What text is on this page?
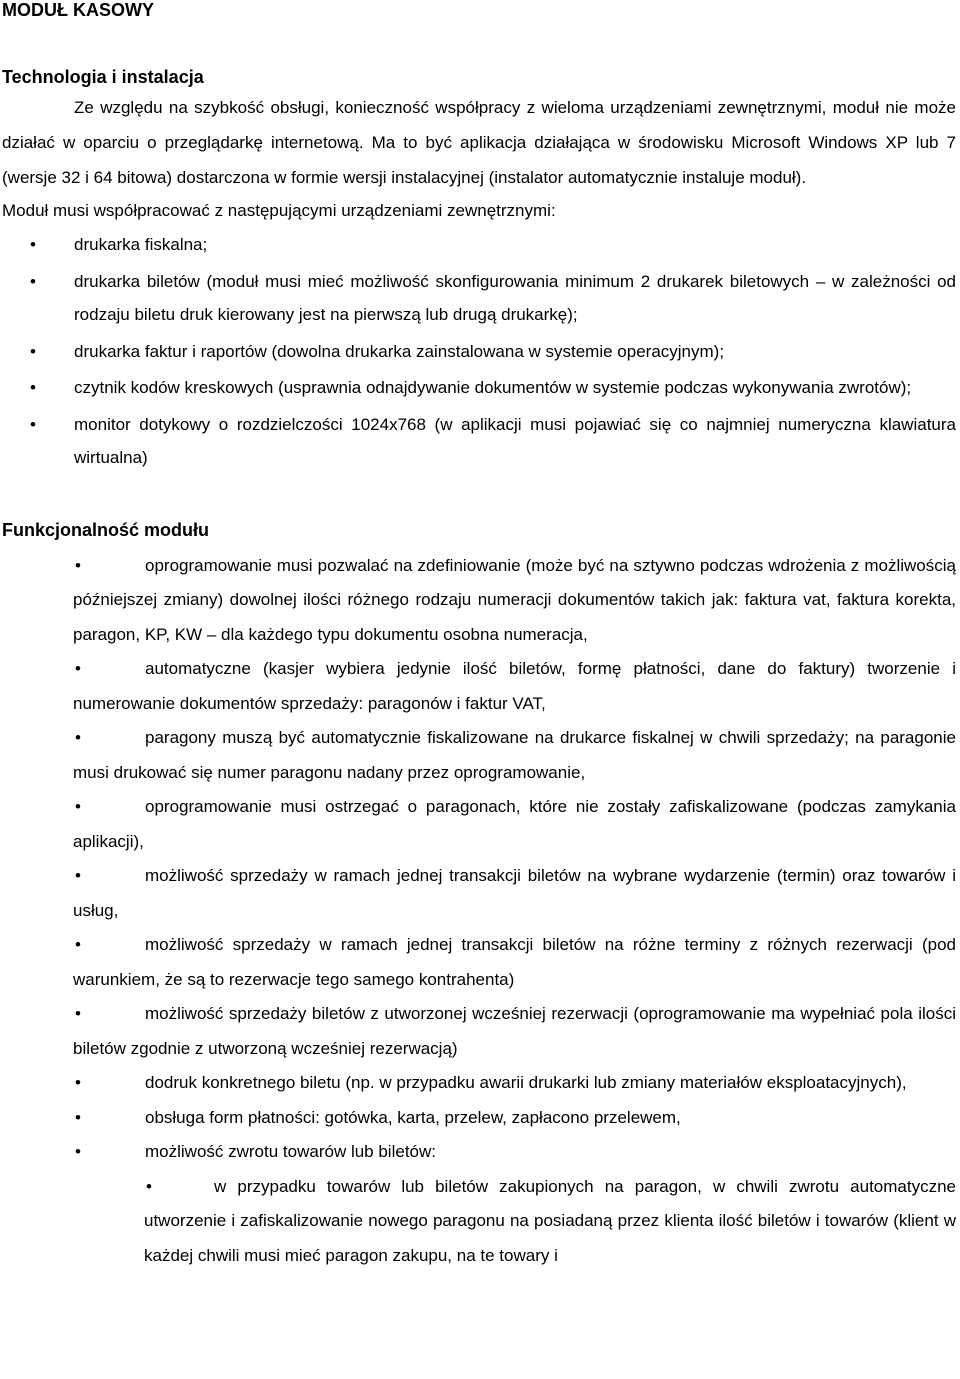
MODUŁ KASOWY
Technologia i instalacja

Ze względu na szybkość obsługi, konieczność współpracy z wieloma urządzeniami zewnętrznymi, moduł nie może działać w oparciu o przeglądarkę internetową. Ma to być aplikacja działająca w środowisku Microsoft Windows XP lub 7 (wersje 32 i 64 bitowa) dostarczona w formie wersji instalacyjnej (instalator automatycznie instaluje moduł).

Moduł musi współpracować z następującymi urządzeniami zewnętrznymi:

• drukarka fiskalna;
• drukarka biletów (moduł musi mieć możliwość skonfigurowania minimum 2 drukarek biletowych – w zależności od rodzaju biletu druk kierowany jest na pierwszą lub drugą drukarkę);
• drukarka faktur i raportów (dowolna drukarka zainstalowana w systemie operacyjnym);
• czytnik kodów kreskowych (usprawnia odnajdywanie dokumentów w systemie podczas wykonywania zwrotów);
• monitor dotykowy o rozdzielczości 1024x768 (w aplikacji musi pojawiać się co najmniej numeryczna klawiatura wirtualna)
Funkcjonalność modułu
•	oprogramowanie musi pozwalać na zdefiniowanie (może być na sztywno podczas wdrożenia z możliwością późniejszej zmiany) dowolnej ilości różnego rodzaju numeracji dokumentów takich jak: faktura vat, faktura korekta, paragon, KP, KW – dla każdego typu dokumentu osobna numeracja,
•	automatyczne (kasjer wybiera jedynie ilość biletów, formę płatności, dane do faktury) tworzenie i numerowanie dokumentów sprzedaży: paragonów i faktur VAT,
•	paragony muszą być automatycznie fiskalizowane na drukarce fiskalnej w chwili sprzedaży; na paragonie musi drukować się numer paragonu nadany przez oprogramowanie,
•	oprogramowanie musi ostrzegać o paragonach, które nie zostały zafiskalizowane (podczas zamykania aplikacji),
•	możliwość sprzedaży w ramach jednej transakcji biletów na wybrane wydarzenie (termin) oraz towarów i usług,
•	możliwość sprzedaży w ramach jednej transakcji biletów na różne terminy z różnych rezerwacji (pod warunkiem, że są to rezerwacje tego samego kontrahenta)
•	możliwość sprzedaży biletów z utworzonej wcześniej rezerwacji (oprogramowanie ma wypełniać pola ilości biletów zgodnie z utworzoną wcześniej rezerwacją)
•	dodruk konkretnego biletu (np. w przypadku awarii drukarki lub zmiany materiałów eksploatacyjnych),
•	obsługa form płatności: gotówka, karta, przelew, zapłacono przelewem,
•	możliwość zwrotu towarów lub biletów:
•	w przypadku towarów lub biletów zakupionych na paragon, w chwili zwrotu automatyczne utworzenie i zafiskalizowanie nowego paragonu na posiadaną przez klienta ilość biletów i towarów (klient w każdej chwili musi mieć paragon zakupu, na te towary i
